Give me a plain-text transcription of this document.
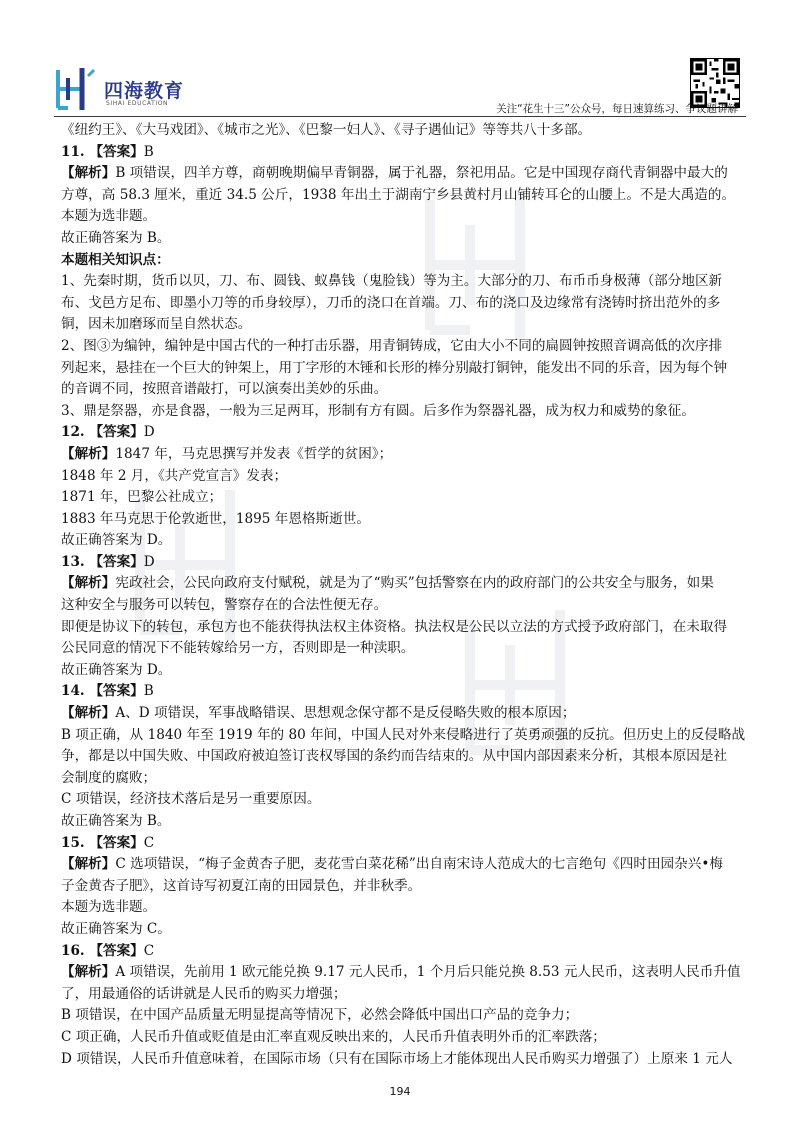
四海教育
SIHAI EDUCATION	关注“花生十三”公众号，每日速算练习、争议题讲解

《纽约王》、《大马戏团》、《城市之光》、《巴黎一妇人》、《寻子遇仙记》等等共八十多部。

11. 【答案】B

【解析】B 项错误，四羊方尊，商朝晚期偏早青铜器，属于礼器，祭祀用品。它是中国现存商代青铜器中最大的

方尊，高 58.3 厘米，重近 34.5 公斤，1938 年出土于湖南宁乡县黄村月山铺转耳仑的山腰上。不是大禹造的。

本题为选非题。

故正确答案为 B。

本题相关知识点：

1、先秦时期，货币以贝，刀、布、圆钱、蚁鼻钱（鬼脸钱）等为主。大部分的刀、布币币身极薄（部分地区新

布、戈邑方足布、即墨小刀等的币身较厚），刀币的浇口在首端。刀、布的浇口及边缘常有浇铸时挤出范外的多

铜，因未加磨琢而呈自然状态。

2、图③为编钟，编钟是中国古代的一种打击乐器，用青铜铸成，它由大小不同的扁圆钟按照音调高低的次序排

列起来，悬挂在一个巨大的钟架上，用丁字形的木锤和长形的棒分别敲打铜钟，能发出不同的乐音，因为每个钟

的音调不同，按照音谱敲打，可以演奏出美妙的乐曲。

3、鼎是祭器，亦是食器，一般为三足两耳，形制有方有圆。后多作为祭器礼器，成为权力和威势的象征。

12. 【答案】D

【解析】1847 年，马克思撰写并发表《哲学的贫困》；

1848 年 2 月，《共产党宣言》发表；

1871 年，巴黎公社成立；

1883 年马克思于伦敦逝世，1895 年恩格斯逝世。

故正确答案为 D。

13. 【答案】D

【解析】宪政社会，公民向政府支付赋税，就是为了“购买”包括警察在内的政府部门的公共安全与服务，如果

这种安全与服务可以转包，警察存在的合法性便无存。

即便是协议下的转包，承包方也不能获得执法权主体资格。执法权是公民以立法的方式授予政府部门，在未取得

公民同意的情况下不能转嫁给另一方，否则即是一种渎职。

故正确答案为 D。

14. 【答案】B

【解析】A、D 项错误，军事战略错误、思想观念保守都不是反侵略失败的根本原因；

B 项正确，从 1840 年至 1919 年的 80 年间，中国人民对外来侵略进行了英勇顽强的反抗。但历史上的反侵略战

争，都是以中国失败、中国政府被迫签订丧权辱国的条约而告结束的。从中国内部因素来分析，其根本原因是社

会制度的腐败；

C 项错误，经济技术落后是另一重要原因。

故正确答案为 B。

15. 【答案】C

【解析】C 选项错误，“梅子金黄杏子肥，麦花雪白菜花稀”出自南宋诗人范成大的七言绝句《四时田园杂兴•梅

子金黄杏子肥》，这首诗写初夏江南的田园景色，并非秋季。

本题为选非题。

故正确答案为 C。

16. 【答案】C

【解析】A 项错误，先前用 1 欧元能兑换 9.17 元人民币，1 个月后只能兑换 8.53 元人民币，这表明人民币升值

了，用最通俗的话讲就是人民币的购买力增强；

B 项错误，在中国产品质量无明显提高等情况下，必然会降低中国出口产品的竞争力；

C 项正确，人民币升值或贬值是由汇率直观反映出来的，人民币升值表明外币的汇率跌落；

D 项错误，人民币升值意味着，在国际市场（只有在国际市场上才能体现出人民币购买力增强了）上原来 1 元人

194
